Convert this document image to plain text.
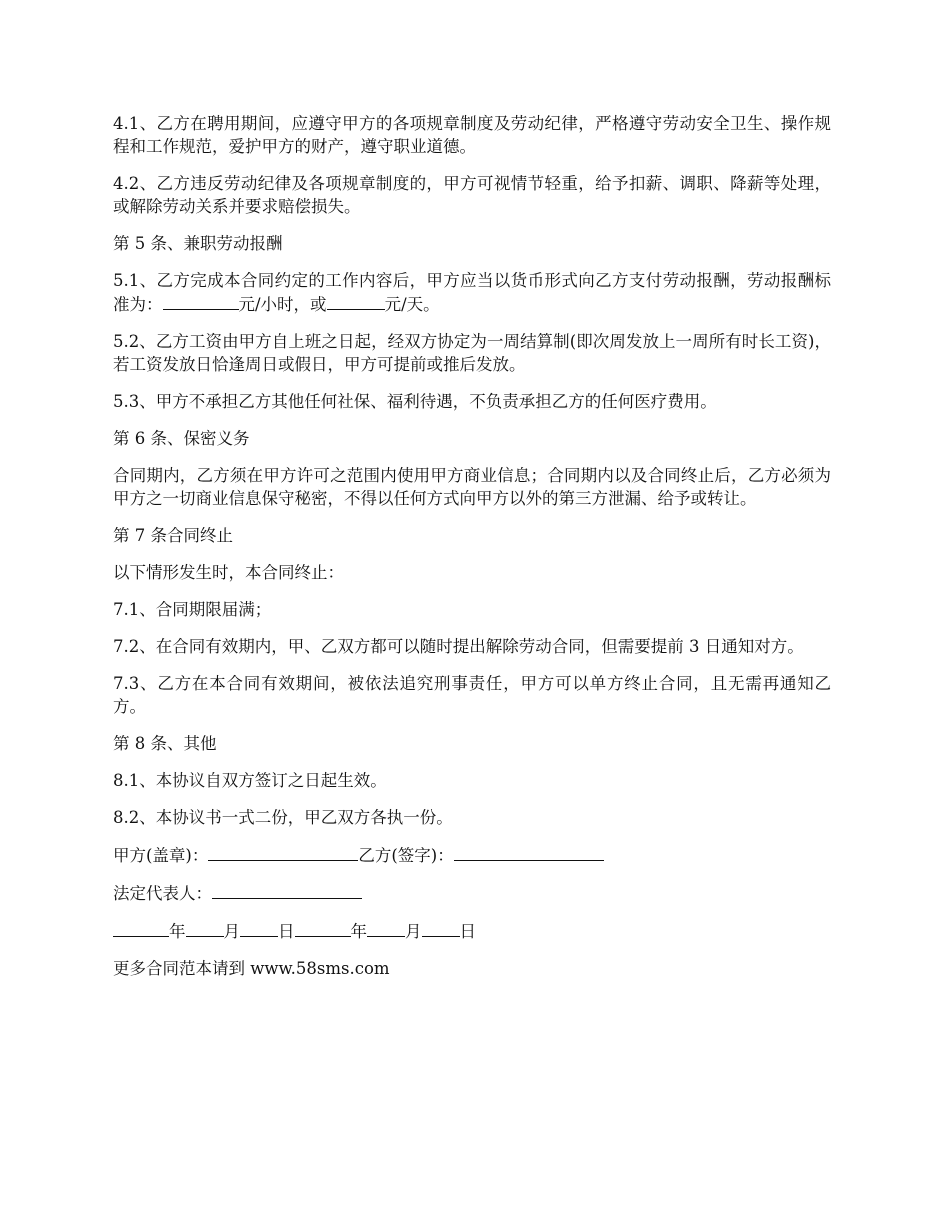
4.1、乙方在聘用期间，应遵守甲方的各项规章制度及劳动纪律，严格遵守劳动安全卫生、操作规程和工作规范，爱护甲方的财产，遵守职业道德。

4.2、乙方违反劳动纪律及各项规章制度的，甲方可视情节轻重，给予扣薪、调职、降薪等处理，或解除劳动关系并要求赔偿损失。

第 5 条、兼职劳动报酬

5.1、乙方完成本合同约定的工作内容后，甲方应当以货币形式向乙方支付劳动报酬，劳动报酬标准为：	元/小时，或	元/天。

5.2、乙方工资由甲方自上班之日起，经双方协定为一周结算制(即次周发放上一周所有时长工资)，若工资发放日恰逢周日或假日，甲方可提前或推后发放。

5.3、甲方不承担乙方其他任何社保、福利待遇，不负责承担乙方的任何医疗费用。

第 6 条、保密义务

合同期内，乙方须在甲方许可之范围内使用甲方商业信息；合同期内以及合同终止后，乙方必须为甲方之一切商业信息保守秘密，不得以任何方式向甲方以外的第三方泄漏、给予或转让。

第 7 条合同终止

以下情形发生时，本合同终止：

7.1、合同期限届满；

7.2、在合同有效期内，甲、乙双方都可以随时提出解除劳动合同，但需要提前 3 日通知对方。

7.3、乙方在本合同有效期间，被依法追究刑事责任，甲方可以单方终止合同，且无需再通知乙方。

第 8 条、其他

8.1、本协议自双方签订之日起生效。

8.2、本协议书一式二份，甲乙双方各执一份。

甲方(盖章)：	乙方(签字)：

法定代表人：

年 月 日	年 月 日

更多合同范本请到 www.58sms.com
